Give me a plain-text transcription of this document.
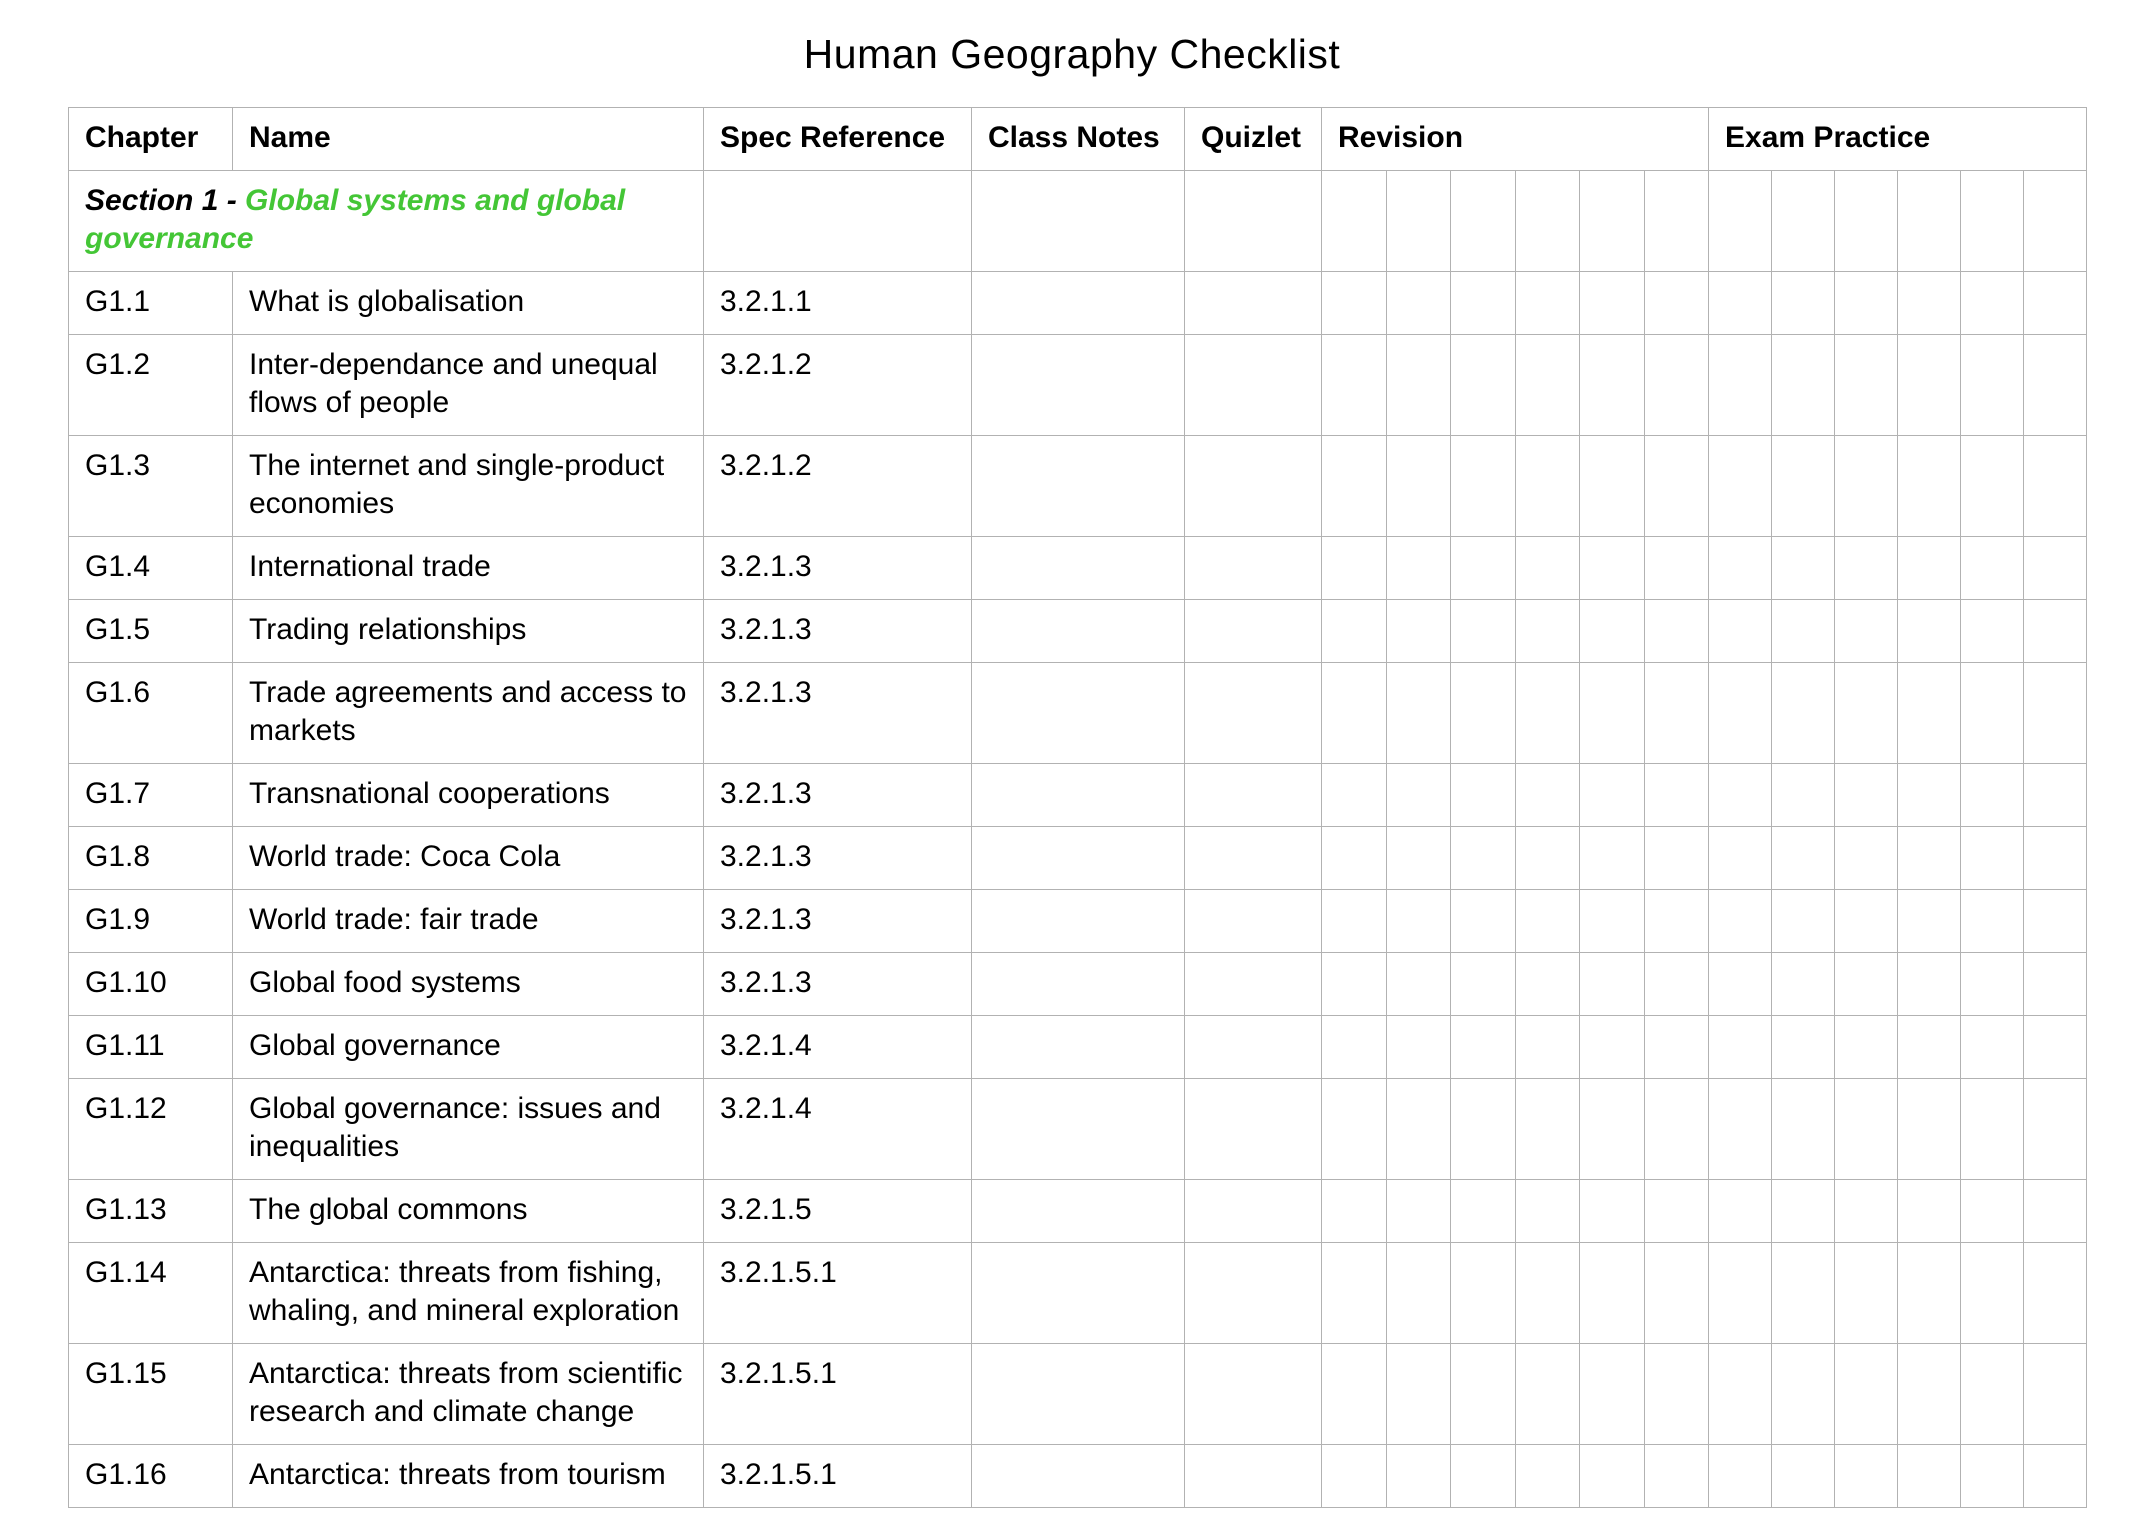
Human Geography Checklist
Chapter	Name	Spec Reference	Class Notes	Quizlet	Revision						Exam Practice					
Section 1 - Global systems and global governance																
G1.1	What is globalisation	3.2.1.1														
G1.2	Inter-dependance and unequal flows of people	3.2.1.2														
G1.3	The internet and single-product economies	3.2.1.2														
G1.4	International trade	3.2.1.3														
G1.5	Trading relationships	3.2.1.3														
G1.6	Trade agreements and access to markets	3.2.1.3														
G1.7	Transnational cooperations	3.2.1.3														
G1.8	World trade: Coca Cola	3.2.1.3														
G1.9	World trade: fair trade	3.2.1.3														
G1.10	Global food systems	3.2.1.3														
G1.11	Global governance	3.2.1.4														
G1.12	Global governance: issues and inequalities	3.2.1.4														
G1.13	The global commons	3.2.1.5														
G1.14	Antarctica: threats from fishing, whaling, and mineral exploration	3.2.1.5.1														
G1.15	Antarctica: threats from scientific research and climate change	3.2.1.5.1														
G1.16	Antarctica: threats from tourism	3.2.1.5.1														
